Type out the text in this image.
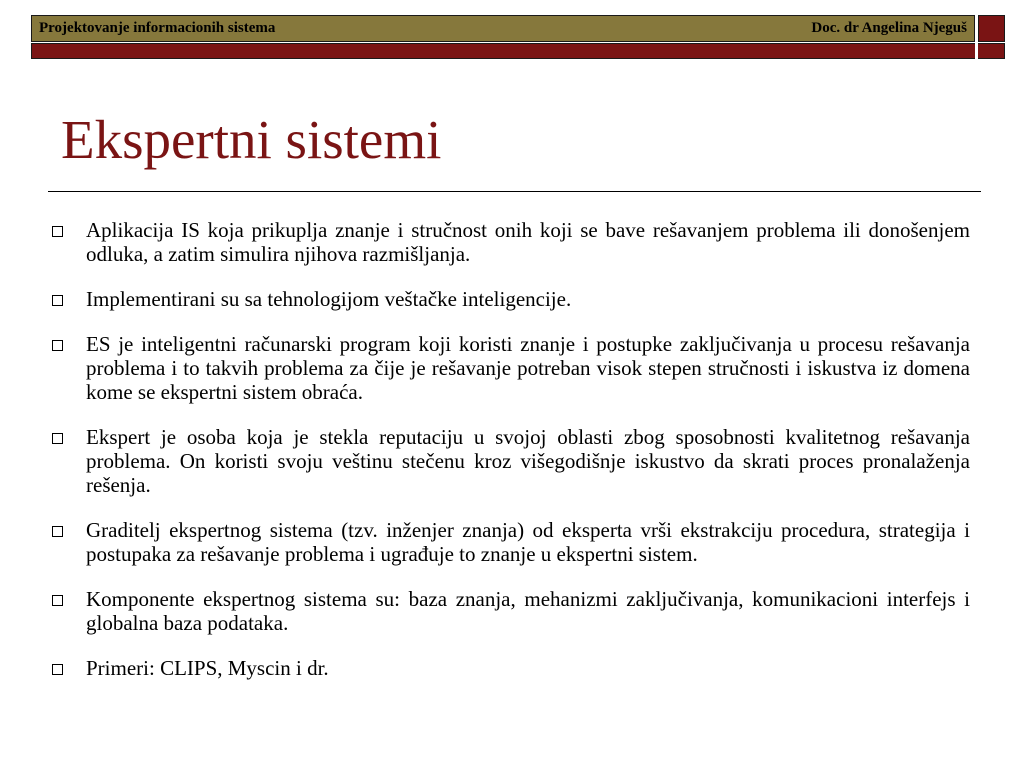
Projektovanje informacionih sistema	Doc. dr Angelina Njeguš
Ekspertni sistemi
Aplikacija IS koja prikuplja znanje i stručnost onih koji se bave rešavanjem problema ili donošenjem odluka, a zatim simulira njihova razmišljanja.
Implementirani su sa tehnologijom veštačke inteligencije.
ES je inteligentni računarski program koji koristi znanje i postupke zaključivanja u procesu rešavanja problema i to takvih problema za čije je rešavanje potreban visok stepen stručnosti i iskustva iz domena kome se ekspertni sistem obraća.
Ekspert je osoba koja je stekla reputaciju u svojoj oblasti zbog sposobnosti kvalitetnog rešavanja problema. On koristi svoju veštinu stečenu kroz višegodišnje iskustvo da skrati proces pronalaženja rešenja.
Graditelj ekspertnog sistema (tzv. inženjer znanja) od eksperta vrši ekstrakciju procedura, strategija i postupaka za rešavanje problema i ugrađuje to znanje u ekspertni sistem.
Komponente ekspertnog sistema su: baza znanja, mehanizmi zaključivanja, komunikacioni interfejs i globalna baza podataka.
Primeri: CLIPS, Myscin i dr.
